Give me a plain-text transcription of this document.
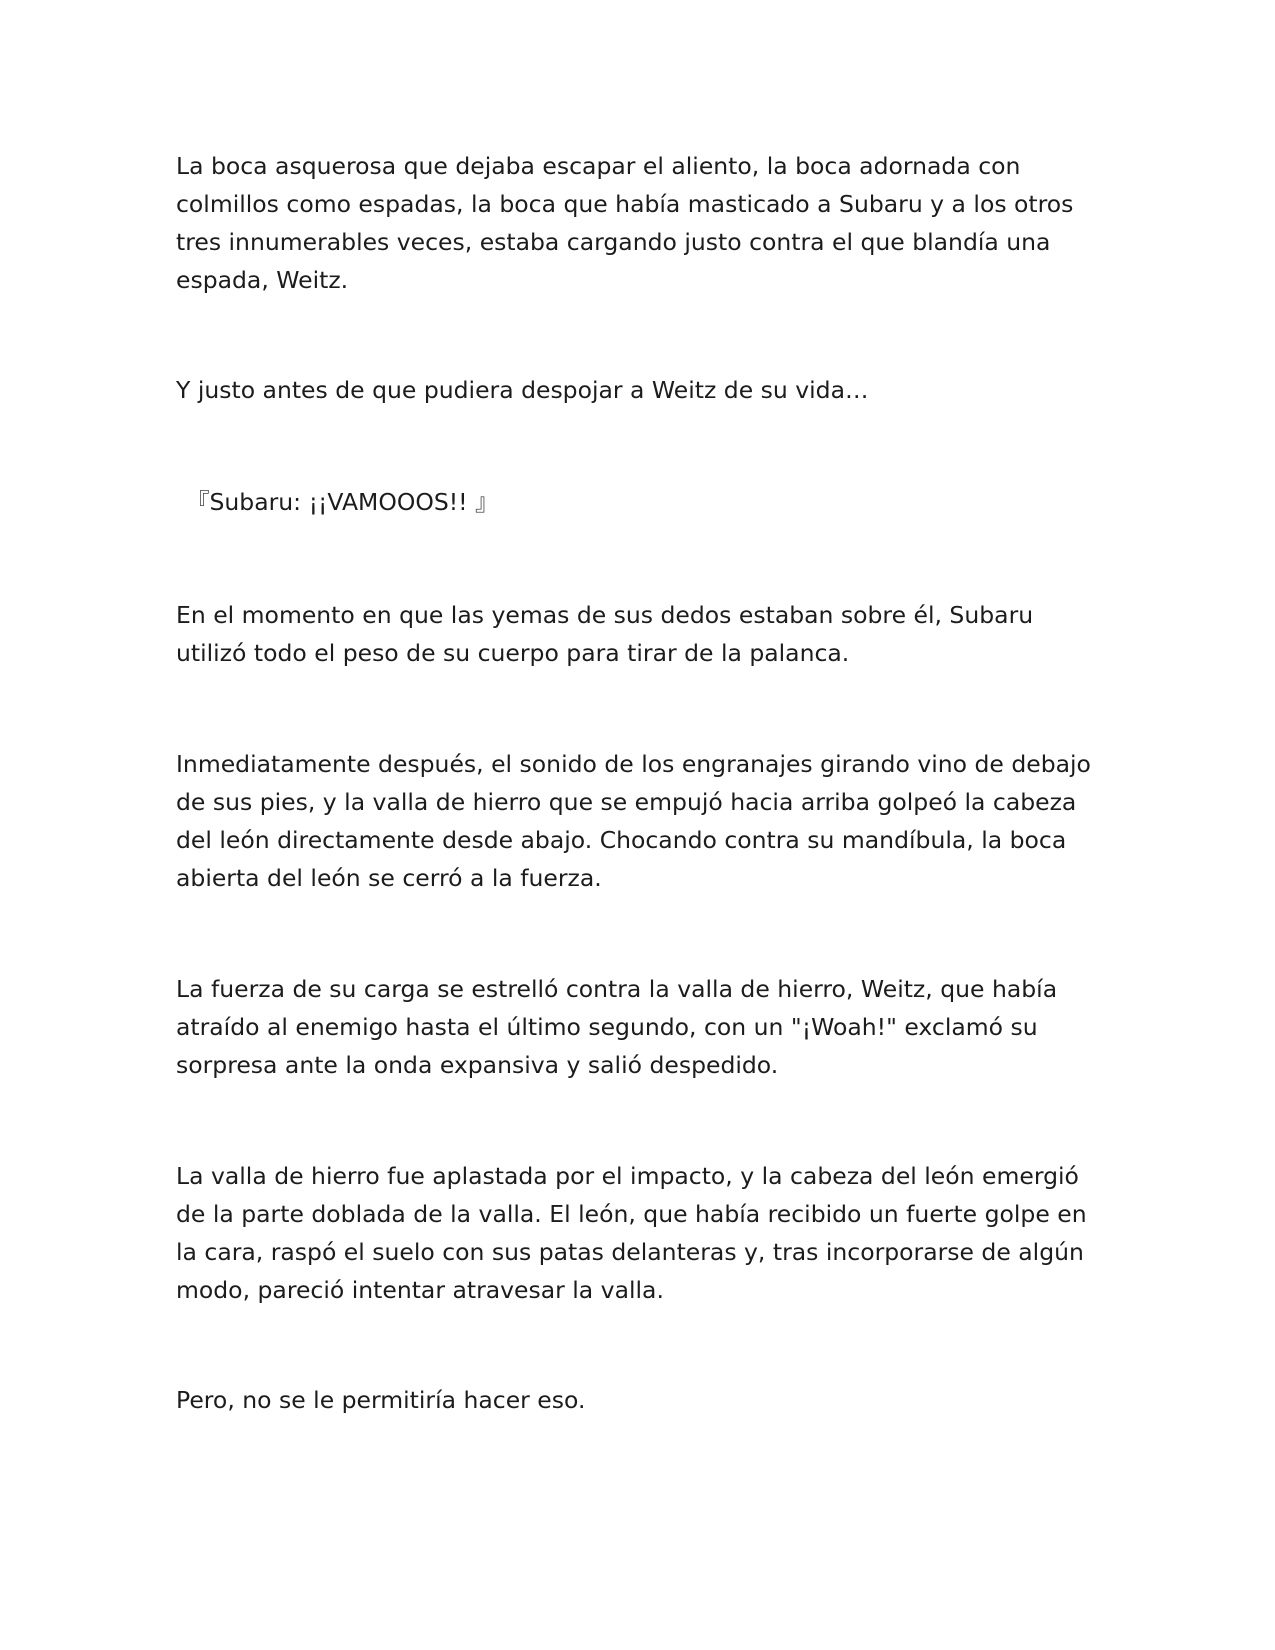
La boca asquerosa que dejaba escapar el aliento, la boca adornada con
colmillos como espadas, la boca que había masticado a Subaru y a los otros
tres innumerables veces, estaba cargando justo contra el que blandía una
espada, Weitz.

Y justo antes de que pudiera despojar a Weitz de su vida…

『Subaru: ¡¡VAMOOOS!! 』

En el momento en que las yemas de sus dedos estaban sobre él, Subaru
utilizó todo el peso de su cuerpo para tirar de la palanca.

Inmediatamente después, el sonido de los engranajes girando vino de debajo
de sus pies, y la valla de hierro que se empujó hacia arriba golpeó la cabeza
del león directamente desde abajo. Chocando contra su mandíbula, la boca
abierta del león se cerró a la fuerza.

La fuerza de su carga se estrelló contra la valla de hierro, Weitz, que había
atraído al enemigo hasta el último segundo, con un "¡Woah!" exclamó su
sorpresa ante la onda expansiva y salió despedido.

La valla de hierro fue aplastada por el impacto, y la cabeza del león emergió
de la parte doblada de la valla. El león, que había recibido un fuerte golpe en
la cara, raspó el suelo con sus patas delanteras y, tras incorporarse de algún
modo, pareció intentar atravesar la valla.

Pero, no se le permitiría hacer eso.
